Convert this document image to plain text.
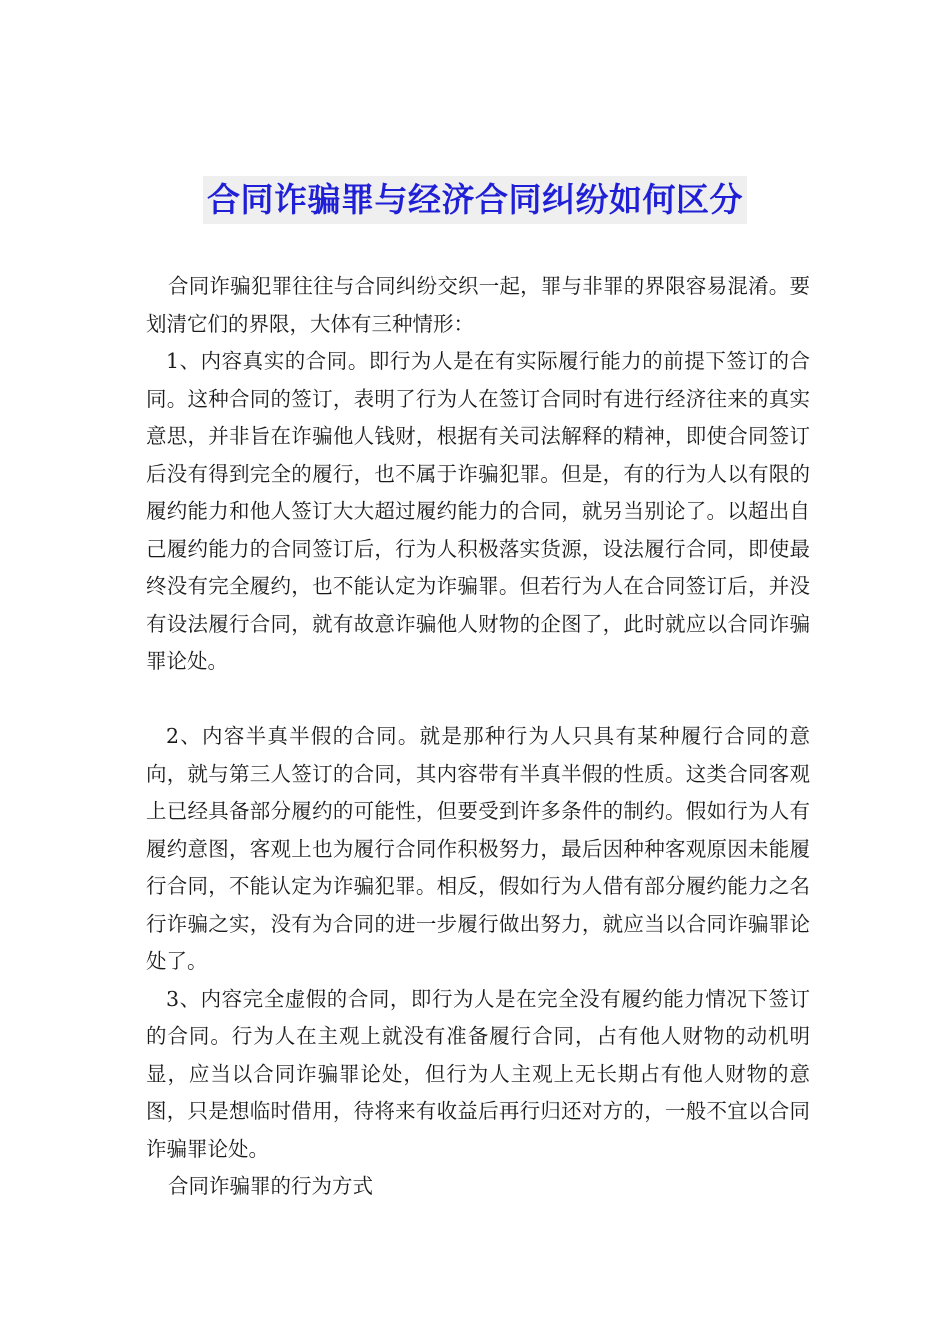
合同诈骗罪与经济合同纠纷如何区分

合同诈骗犯罪往往与合同纠纷交织一起，罪与非罪的界限容易混淆。要划清它们的界限，大体有三种情形：

1、内容真实的合同。即行为人是在有实际履行能力的前提下签订的合同。这种合同的签订，表明了行为人在签订合同时有进行经济往来的真实意思，并非旨在诈骗他人钱财，根据有关司法解释的精神，即使合同签订后没有得到完全的履行，也不属于诈骗犯罪。但是，有的行为人以有限的履约能力和他人签订大大超过履约能力的合同，就另当别论了。以超出自己履约能力的合同签订后，行为人积极落实货源，设法履行合同，即使最终没有完全履约，也不能认定为诈骗罪。但若行为人在合同签订后，并没有设法履行合同，就有故意诈骗他人财物的企图了，此时就应以合同诈骗罪论处。

2、内容半真半假的合同。就是那种行为人只具有某种履行合同的意向，就与第三人签订的合同，其内容带有半真半假的性质。这类合同客观上已经具备部分履约的可能性，但要受到许多条件的制约。假如行为人有履约意图，客观上也为履行合同作积极努力，最后因种种客观原因未能履行合同，不能认定为诈骗犯罪。相反，假如行为人借有部分履约能力之名行诈骗之实，没有为合同的进一步履行做出努力，就应当以合同诈骗罪论处了。

3、内容完全虚假的合同，即行为人是在完全没有履约能力情况下签订的合同。行为人在主观上就没有准备履行合同，占有他人财物的动机明显，应当以合同诈骗罪论处，但行为人主观上无长期占有他人财物的意图，只是想临时借用，待将来有收益后再行归还对方的，一般不宜以合同诈骗罪论处。

合同诈骗罪的行为方式
